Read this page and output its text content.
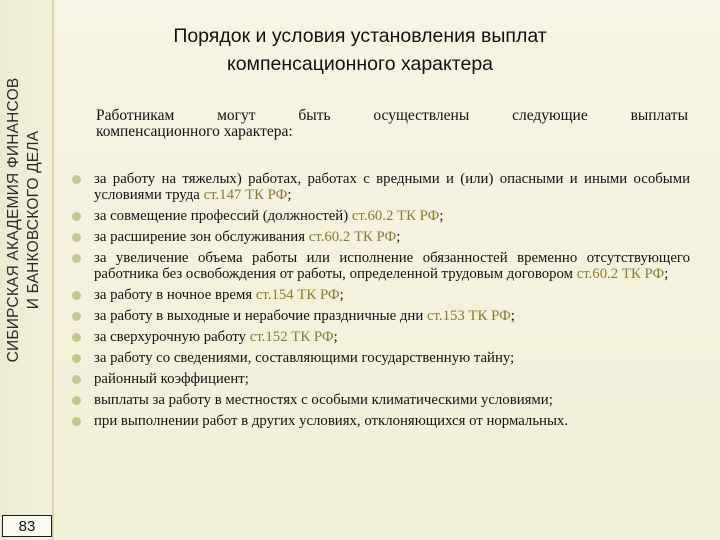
СИБИРСКАЯ АКАДЕМИЯ ФИНАНСОВ И БАНКОВСКОГО ДЕЛА
83
Порядок и условия установления выплат
компенсационного характера
Работникам могут быть осуществлены следующие выплаты
компенсационного характера:
за работу на тяжелых) работах, работах с вредными и (или) опасными и иными особыми условиями труда ст.147 ТК РФ;
за совмещение профессий (должностей) ст.60.2 ТК РФ;
за расширение зон обслуживания ст.60.2 ТК РФ;
за увеличение объема работы или исполнение обязанностей временно отсутствующего работника без освобождения от работы, определенной трудовым договором ст.60.2 ТК РФ;
за работу в ночное время ст.154 ТК РФ;
за работу в выходные и нерабочие праздничные дни ст.153 ТК РФ;
за сверхурочную работу ст.152 ТК РФ;
за работу со сведениями, составляющими государственную тайну;
районный коэффициент;
выплаты за работу в местностях с особыми климатическими условиями;
при выполнении работ в других условиях, отклоняющихся от нормальных.
